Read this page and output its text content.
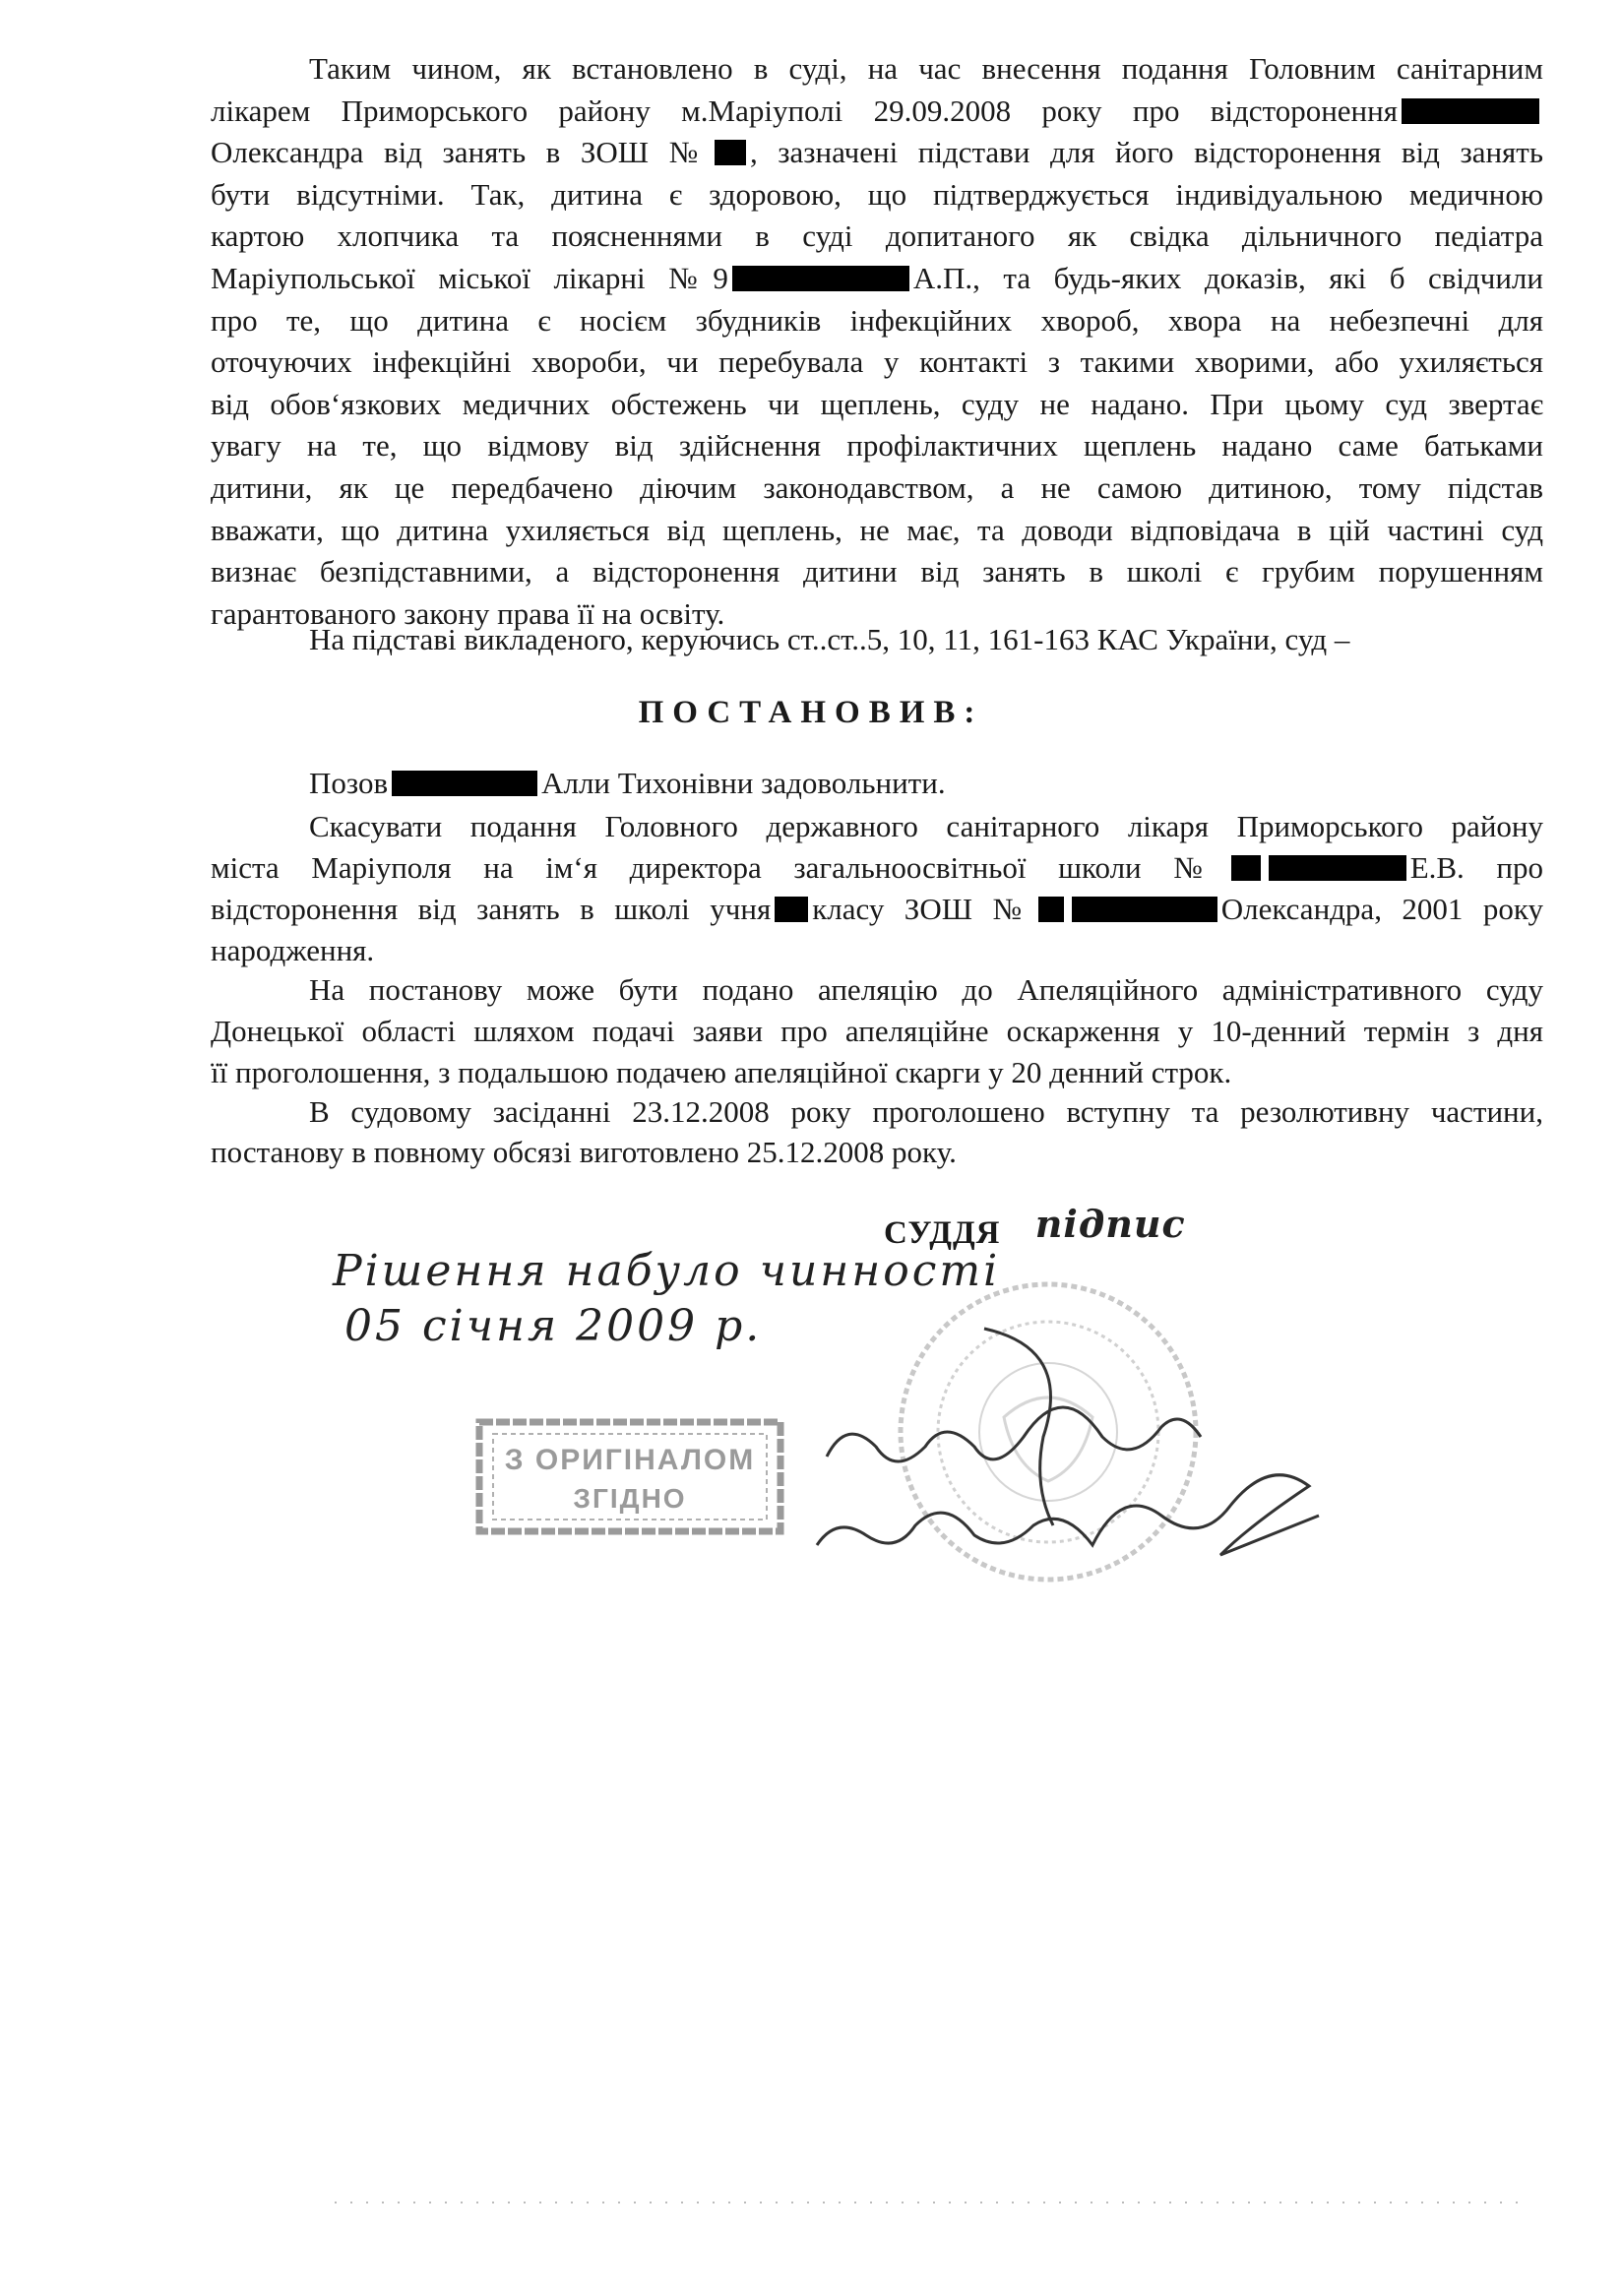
Таким чином, як встановлено в суді, на час внесення подання Головним санітарним
лікарем Приморського району м.Маріуполі 29.09.2008 року про відсторонення
Олександра від занять в ЗОШ № , зазначені підстави для його відсторонення від занять
бути відсутніми. Так, дитина є здоровою, що підтверджується індивідуальною медичною
картою хлопчика та поясненнями в суді допитаного як свідка дільничного педіатра
Маріупольської міської лікарні №9	А.П., та будь-яких доказів, які б свідчили
про те, що дитина є носієм збудників інфекційних хвороб, хвора на небезпечні для
оточуючих інфекційні хвороби, чи перебувала у контакті з такими хворими, або ухиляється
від обов‘язкових медичних обстежень чи щеплень, суду не надано. При цьому суд звертає
увагу на те, що відмову від здійснення профілактичних щеплень надано саме батьками
дитини, як це передбачено діючим законодавством, а не самою дитиною, тому підстав
вважати, що дитина ухиляється від щеплень, не має, та доводи відповідача в цій частині суд
визнає безпідставними, а відсторонення дитини від занять в школі є грубим порушенням
гарантованого закону права її на освіту.
На підставі викладеного, керуючись ст..ст..5, 10, 11, 161-163 КАС України, суд –
ПОСТАНОВИВ:
Позов	Алли Тихонівни задовольнити.
Скасувати подання Головного державного санітарного лікаря Приморського району
міста Маріуполя на ім‘я директора загальноосвітньої школи №	Е.В. про
відсторонення від занять в школі учня класу ЗОШ №	Олександра, 2001 року
народження.
На постанову може бути подано апеляцію до Апеляційного адміністративного суду
Донецької області шляхом подачі заяви про апеляційне оскарження у 10-денний термін з дня
її проголошення, з подальшою подачею апеляційної скарги у 20 денний строк.
В судовому засіданні 23.12.2008 року проголошено вступну та резолютивну частини,
постанову в повному обсязі виготовлено 25.12.2008 року.
СУДДЯ підпис
Рішення набуло чинності
05 січня 2009 р.
З ОРИГІНАЛОМ
ЗГІДНО
